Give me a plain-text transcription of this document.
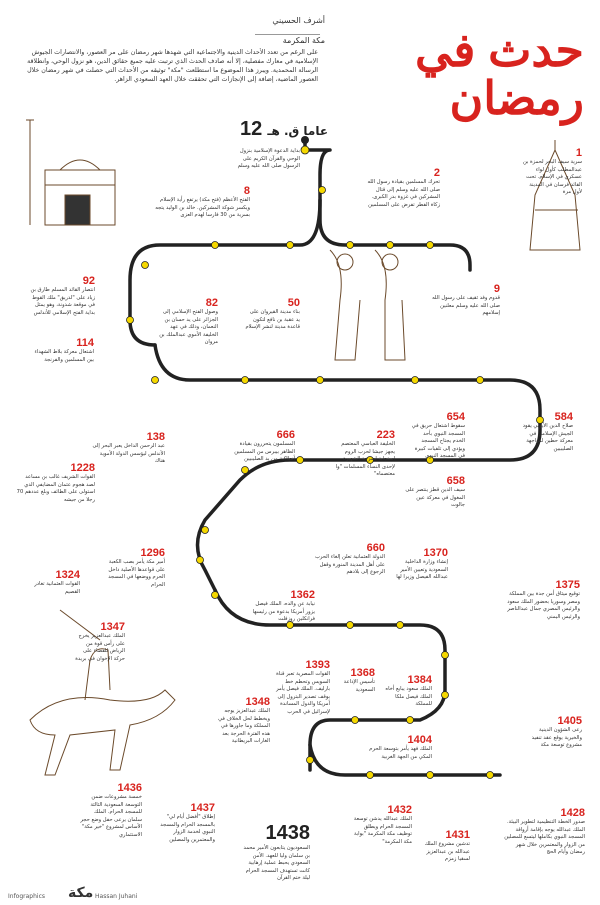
حدث في رمضان
أشرف الحسيني
مكة المكرمة
على الرغم من تعدد الأحداث الدينية والاجتماعية التي شهدها شهر رمضان على مر العصور، والانتصارات الجيوش الإسلامية في معارك مفصلية، إلا أنه صادف الحدث الذي ترتبت عليه جميع حقائق الدين، هو نزول الوحي، وانطلاقة الرسالة المحمدية. ويبرز هذا الموضوع ما استطلعت "مكة" توثيقه من الأحداث التي حصلت في شهر رمضان خلال العصور الماضية، إضافة إلى الإنجازات التي تحققت خلال العهد السعودي الزاهر.
12 عاما ق. هـ
بداية الدعوة الإسلامية بنزول الوحي والقرآن الكريم على الرسول صلى الله عليه وسلم
1
سرية سيف البحر لحمزة بن عبدالمطلب كأول لواء عسكري في الإسلام. تحت القائد فرسان في المدينة لأول مرة
2
تحرك المسلمين بقيادة رسول الله صلى الله عليه وسلم إلى قتال المشركين في غزوة بدر الكبرى. زكاة الفطر تفرض على المسلمين
8
الفتح الأعظم (فتح مكة) يرتفع رأية الإسلام ويكسر شوكة المشركين. خالد بن الوليد يتجه بسرية من 30 فارسا لهدم العزى
9
قدوم وفد ثقيف على رسول الله صلى الله عليه وسلم معلنين إسلامهم
92
انتصار القائد المسلم طارق بن زياد على "لذريق" ملك القوط في موقعة شذونة، وهو يمثل بداية الفتح الإسلامي للأندلس
82
وصول الفتح الإسلامي إلى الجزائر على يد حسان بن النعمان، وذلك في عهد الخليفة الأموي عبدالملك بن مروان
50
بناء مدينة القيروان على يد عقبة بن نافع لتكون قاعدة مدينة لنشر الإسلام
114
اشتعال معركة بلاط الشهداء بين المسلمين والفرنجة
138
عبد الرحمن الداخل يعبر البحر إلى الأندلس ليؤسس الدولة الأموية هناك
666
المسلمون يتحررون بقيادة الظاهر بيبرس من المسلمين أنطاكية من يد الصليبيين
223
الخليفة العباسي المعتصم يجهز جيشا لحرب الروم استجابة لصرخة الشهيرة لإحدى النساء المسلمات "وا معتصماه"
654
سقوط اشتعال حريق في المسجد النبوي بأحد الخدم يجتاح المسجد ويؤدي إلى تلفيات كبيرة في المسجد النبوي
584
صلاح الدين الأيوبي يقود الجيش الإسلامي في معركة حطين لمواجهة الصليبيين
658
سيف الدين قطز ينتصر على المغول في معركة عين جالوت
1228
القوات الشريف غالب بن مساعد لصد هجوم عثمان المضايفي الذي استولى على الطائف وبلغ عددهم 70 رجلا من جيشه
660
الدولة العثمانية تعلن إلغاء الحرب على أهل المدينة المنورة وقفل الرجوع إلى بلادهم
1296
أمير مكة يأمر بصب الكعبة على قواعدها الأصلية داخل الحرم ووضعها في المسجد الحرام
1324
القوات العثمانية تغادر القصيم
1370
إنشاء وزارة الداخلية السعودية وتعيين الأمير عبدالله الفيصل وزيرا لها
1347
الملك عبدالعزيز يخرج على رأس قوة من الرياض للقضاء على حركة الإخوان في بريدة
1362
نيابة عن والده، الملك فيصل يزور أمريكا بدعوة من رئيسها فرانكلين روزفلت
1375
توقيع ميثاق أمن جدة بين المملكة ومصر وسوريا بحضور الملك سعود والرئيس المصري جمال عبدالناصر والرئيس اليمني
1368
تأسيس الإذاعة السعودية
1348
الملك عبدالعزيز يوجه ويخطط لحل الخلاف في المملكة وما جاورها في هذه الفترة الحرجة بعد الغارات البريطانية
1393
القوات المصرية تعبر قناة السويس وتحطم خط بارليف. الملك فيصل يأمر بوقف تصدير البترول إلى أمريكا والدول المساندة لإسرائيل في الحرب
1384
الملك سعود يبايع أخاه الملك فيصل ملكا للمملكة
1404
الملك فهد يأمر بتوسعة الحرم المكي من الجهة الغربية
1405
رعى الشؤون الدينية والخيرية يوقع عقد تنفيذ مشروع توسعة مكة
1436
خمسة مشروعات ضمن التوسعة السعودية الثالثة للمسجد الحرام. الملك سلمان يرعى حفل وضع حجر الأساس لمشروع "خير مكة" الاستثماري
1437
إطلاق "أفضل أيام لي" بالمسجد الحرام والمسجد النبوي لخدمة الزوار والمعتمرين والمصلين
1432
الملك عبدالله يدشن توسعة المسجد الحرام ويطلق توظيف مكة المكرمة "بوابة مكة المكرمة"
1431
تدشين مشروع الملك عبدالله بن عبدالعزيز لسقيا زمزم
1428
صدور الخطة التنظيمية لتطوير البيئة. الملك عبدالله يوجه بإقامة أرواقة المسجد النبوي بكاملها ليتسع للمصلين من الزوار والمعتمرين خلال شهر رمضان وأيام الحج
1438
السعوديون يتابعون الأمير محمد بن سلمان وليا للعهد. الأمن السعودي يحبط عملية إرهابية كانت تستهدف المسجد الحرام ليلة ختم القرآن
Infographics مكة Hassan Juhani
